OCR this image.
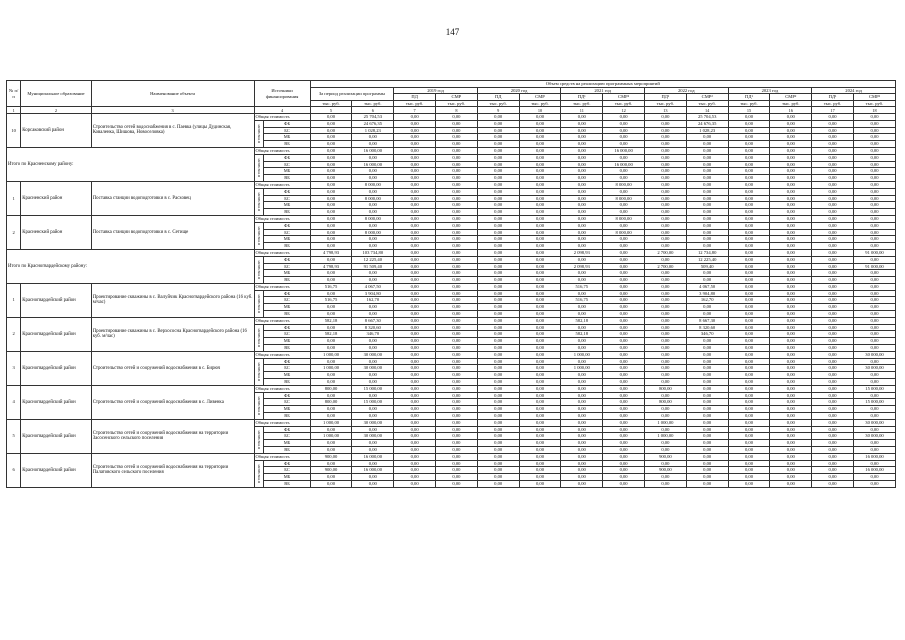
147
№ п/п	Муниципальное образование	Наименование объекта	Источники финансирования		Объем средств на реализацию программных мероприятий													
					За период реализации программы		2019 год		2020 год		2021 год		2022 год		2023 год		2024 год	
							ПД	СМР	ПД	СМР	ПД¹	СМР²	ПД¹	СМР²	ПД¹	СМР²	ПД¹	СМР²
					тыс. руб.	тыс. руб.	тыс. руб.	тыс. руб.	тыс. руб.	тыс. руб.	тыс. руб.	тыс. руб.	тыс. руб.	тыс. руб.	тыс. руб.	тыс. руб.	тыс. руб.	тыс. руб.
1	2	3	4		5	6	7	8	9	10	11	12	13	14	15	16	17	18
10	Корсаковский район	Строительство сетей водоснабжения в с. Паевка (улицы Дудинская, Коваленка, Шишова, Новоселовка)	Общая стоимость		0,00	25 704,53	0,00	0,00	0,00	0,00	0,00	0,00	0,00	25 704,53	0,00	0,00	0,00	0,00

			в том числе:	ФБ	0,00	24 676,35	0,00	0,00	0,00	0,00	0,00	0,00	0,00	24 676,35	0,00	0,00	0,00	0,00
				БС	0,00	1 028,23	0,00	0,00	0,00	0,00	0,00	0,00	0,00	1 028,23	0,00	0,00	0,00	0,00
				МБ	0,00	0,00	0,00	0,00	0,00	0,00	0,00	0,00	0,00	0,00	0,00	0,00	0,00	0,00
				ВБ	0,00	0,00	0,00	0,00	0,00	0,00	0,00	0,00	0,00	0,00	0,00	0,00	0,00	0,00
Итого по Красненскому району:			Общая стоимость		0,00	16 000,00	0,00	0,00	0,00	0,00	0,00	16 000,00	0,00	0,00	0,00	0,00	0,00	0,00

			в том числе:	ФБ	0,00	0,00	0,00	0,00	0,00	0,00	0,00	0,00	0,00	0,00	0,00	0,00	0,00	0,00
				БС	0,00	16 000,00	0,00	0,00	0,00	0,00	0,00	16 000,00	0,00	0,00	0,00	0,00	0,00	0,00
				МБ	0,00	0,00	0,00	0,00	0,00	0,00	0,00	0,00	0,00	0,00	0,00	0,00	0,00	0,00
				ВБ	0,00	0,00	0,00	0,00	0,00	0,00	0,00	0,00	0,00	0,00	0,00	0,00	0,00	0,00
1	Красненский район	Поставка станции водоподготовки в с. Расховец	Общая стоимость		0,00	8 000,00	0,00	0,00	0,00	0,00	0,00	8 000,00	0,00	0,00	0,00	0,00	0,00	0,00

			в том числе:	ФБ	0,00	0,00	0,00	0,00	0,00	0,00	0,00	0,00	0,00	0,00	0,00	0,00	0,00	0,00
				БС	0,00	8 000,00	0,00	0,00	0,00	0,00	0,00	8 000,00	0,00	0,00	0,00	0,00	0,00	0,00
				МБ	0,00	0,00	0,00	0,00	0,00	0,00	0,00	0,00	0,00	0,00	0,00	0,00	0,00	0,00
				ВБ	0,00	0,00	0,00	0,00	0,00	0,00	0,00	0,00	0,00	0,00	0,00	0,00	0,00	0,00
2	Красненский район	Поставка станции водоподготовки в с. Сетище	Общая стоимость		0,00	8 000,00	0,00	0,00	0,00	0,00	0,00	8 000,00	0,00	0,00	0,00	0,00	0,00	0,00

			в том числе:	ФБ	0,00	0,00	0,00	0,00	0,00	0,00	0,00	0,00	0,00	0,00	0,00	0,00	0,00	0,00
				БС	0,00	8 000,00	0,00	0,00	0,00	0,00	0,00	8 000,00	0,00	0,00	0,00	0,00	0,00	0,00
				МБ	0,00	0,00	0,00	0,00	0,00	0,00	0,00	0,00	0,00	0,00	0,00	0,00	0,00	0,00
				ВБ	0,00	0,00	0,00	0,00	0,00	0,00	0,00	0,00	0,00	0,00	0,00	0,00	0,00	0,00
Итого по Красногвардейскому району:			Общая стоимость		4 798,93	103 734,80	0,00	0,00	0,00	0,00	2 098,93	0,00	2 700,00	12 734,80	0,00	0,00	0,00	91 000,00

			в том числе:	ФБ	0,00	12 225,40	0,00	0,00	0,00	0,00	0,00	0,00	0,00	12 225,40	0,00	0,00	0,00	0,00
				БС	4 798,93	91 509,40	0,00	0,00	0,00	0,00	2 098,93	0,00	2 700,00	509,40	0,00	0,00	0,00	91 000,00
				МБ	0,00	0,00	0,00	0,00	0,00	0,00	0,00	0,00	0,00	0,00	0,00	0,00	0,00	0,00
				ВБ	0,00	0,00	0,00	0,00	0,00	0,00	0,00	0,00	0,00	0,00	0,00	0,00	0,00	0,00
1	Красногвардейский район	Проектирование скважины в с. Валуйчик Красногвардейского района (16 куб. м/час)	Общая стоимость		516,75	4 067,50	0,00	0,00	0,00	0,00	516,75	0,00	0,00	4 067,50	0,00	0,00	0,00	0,00

			в том числе:	ФБ	0,00	3 904,80	0,00	0,00	0,00	0,00	0,00	0,00	0,00	3 904,80	0,00	0,00	0,00	0,00
				БС	516,75	162,70	0,00	0,00	0,00	0,00	516,75	0,00	0,00	162,70	0,00	0,00	0,00	0,00
				МБ	0,00	0,00	0,00	0,00	0,00	0,00	0,00	0,00	0,00	0,00	0,00	0,00	0,00	0,00
				ВБ	0,00	0,00	0,00	0,00	0,00	0,00	0,00	0,00	0,00	0,00	0,00	0,00	0,00	0,00
2	Красногвардейский район	Проектирование скважины в с. Верхососна Красногвардейского района (16 куб. м/час)	Общая стоимость		582,18	8 667,30	0,00	0,00	0,00	0,00	582,18	0,00	0,00	8 667,30	0,00	0,00	0,00	0,00

			в том числе:	ФБ	0,00	8 320,60	0,00	0,00	0,00	0,00	0,00	0,00	0,00	8 320,60	0,00	0,00	0,00	0,00
				БС	582,18	346,70	0,00	0,00	0,00	0,00	582,18	0,00	0,00	346,70	0,00	0,00	0,00	0,00
				МБ	0,00	0,00	0,00	0,00	0,00	0,00	0,00	0,00	0,00	0,00	0,00	0,00	0,00	0,00
				ВБ	0,00	0,00	0,00	0,00	0,00	0,00	0,00	0,00	0,00	0,00	0,00	0,00	0,00	0,00
3	Красногвардейский район	Строительство сетей и сооружений водоснабжения в с. Бирюч	Общая стоимость		1 000,00	30 000,00	0,00	0,00	0,00	0,00	1 000,00	0,00	0,00	0,00	0,00	0,00	0,00	30 000,00

			в том числе:	ФБ	0,00	0,00	0,00	0,00	0,00	0,00	0,00	0,00	0,00	0,00	0,00	0,00	0,00	0,00
				БС	1 000,00	30 000,00	0,00	0,00	0,00	0,00	1 000,00	0,00	0,00	0,00	0,00	0,00	0,00	30 000,00
				МБ	0,00	0,00	0,00	0,00	0,00	0,00	0,00	0,00	0,00	0,00	0,00	0,00	0,00	0,00
				ВБ	0,00	0,00	0,00	0,00	0,00	0,00	0,00	0,00	0,00	0,00	0,00	0,00	0,00	0,00
4	Красногвардейский район	Строительство сетей и сооружений водоснабжения в с. Ливенка	Общая стоимость		800,00	15 000,00	0,00	0,00	0,00	0,00	0,00	0,00	800,00	0,00	0,00	0,00	0,00	15 000,00

			в том числе:	ФБ	0,00	0,00	0,00	0,00	0,00	0,00	0,00	0,00	0,00	0,00	0,00	0,00	0,00	0,00
				БС	800,00	15 000,00	0,00	0,00	0,00	0,00	0,00	0,00	800,00	0,00	0,00	0,00	0,00	15 000,00
				МБ	0,00	0,00	0,00	0,00	0,00	0,00	0,00	0,00	0,00	0,00	0,00	0,00	0,00	0,00
				ВБ	0,00	0,00	0,00	0,00	0,00	0,00	0,00	0,00	0,00	0,00	0,00	0,00	0,00	0,00
5	Красногвардейский район	Строительство сетей и сооружений водоснабжения на территории Засосенского сельского поселения	Общая стоимость		1 000,00	30 000,00	0,00	0,00	0,00	0,00	0,00	0,00	1 000,00	0,00	0,00	0,00	0,00	30 000,00

			в том числе:	ФБ	0,00	0,00	0,00	0,00	0,00	0,00	0,00	0,00	0,00	0,00	0,00	0,00	0,00	0,00
				БС	1 000,00	30 000,00	0,00	0,00	0,00	0,00	0,00	0,00	1 000,00	0,00	0,00	0,00	0,00	30 000,00
				МБ	0,00	0,00	0,00	0,00	0,00	0,00	0,00	0,00	0,00	0,00	0,00	0,00	0,00	0,00
				ВБ	0,00	0,00	0,00	0,00	0,00	0,00	0,00	0,00	0,00	0,00	0,00	0,00	0,00	0,00
6	Красногвардейский район	Строительство сетей и сооружений водоснабжения на территории Палатовского сельского поселения	Общая стоимость		900,00	16 000,00	0,00	0,00	0,00	0,00	0,00	0,00	900,00	0,00	0,00	0,00	0,00	16 000,00

			в том числе:	ФБ	0,00	0,00	0,00	0,00	0,00	0,00	0,00	0,00	0,00	0,00	0,00	0,00	0,00	0,00
				БС	900,00	16 000,00	0,00	0,00	0,00	0,00	0,00	0,00	900,00	0,00	0,00	0,00	0,00	16 000,00
				МБ	0,00	0,00	0,00	0,00	0,00	0,00	0,00	0,00	0,00	0,00	0,00	0,00	0,00	0,00
				ВБ	0,00	0,00	0,00	0,00	0,00	0,00	0,00	0,00	0,00	0,00	0,00	0,00	0,00	0,00
